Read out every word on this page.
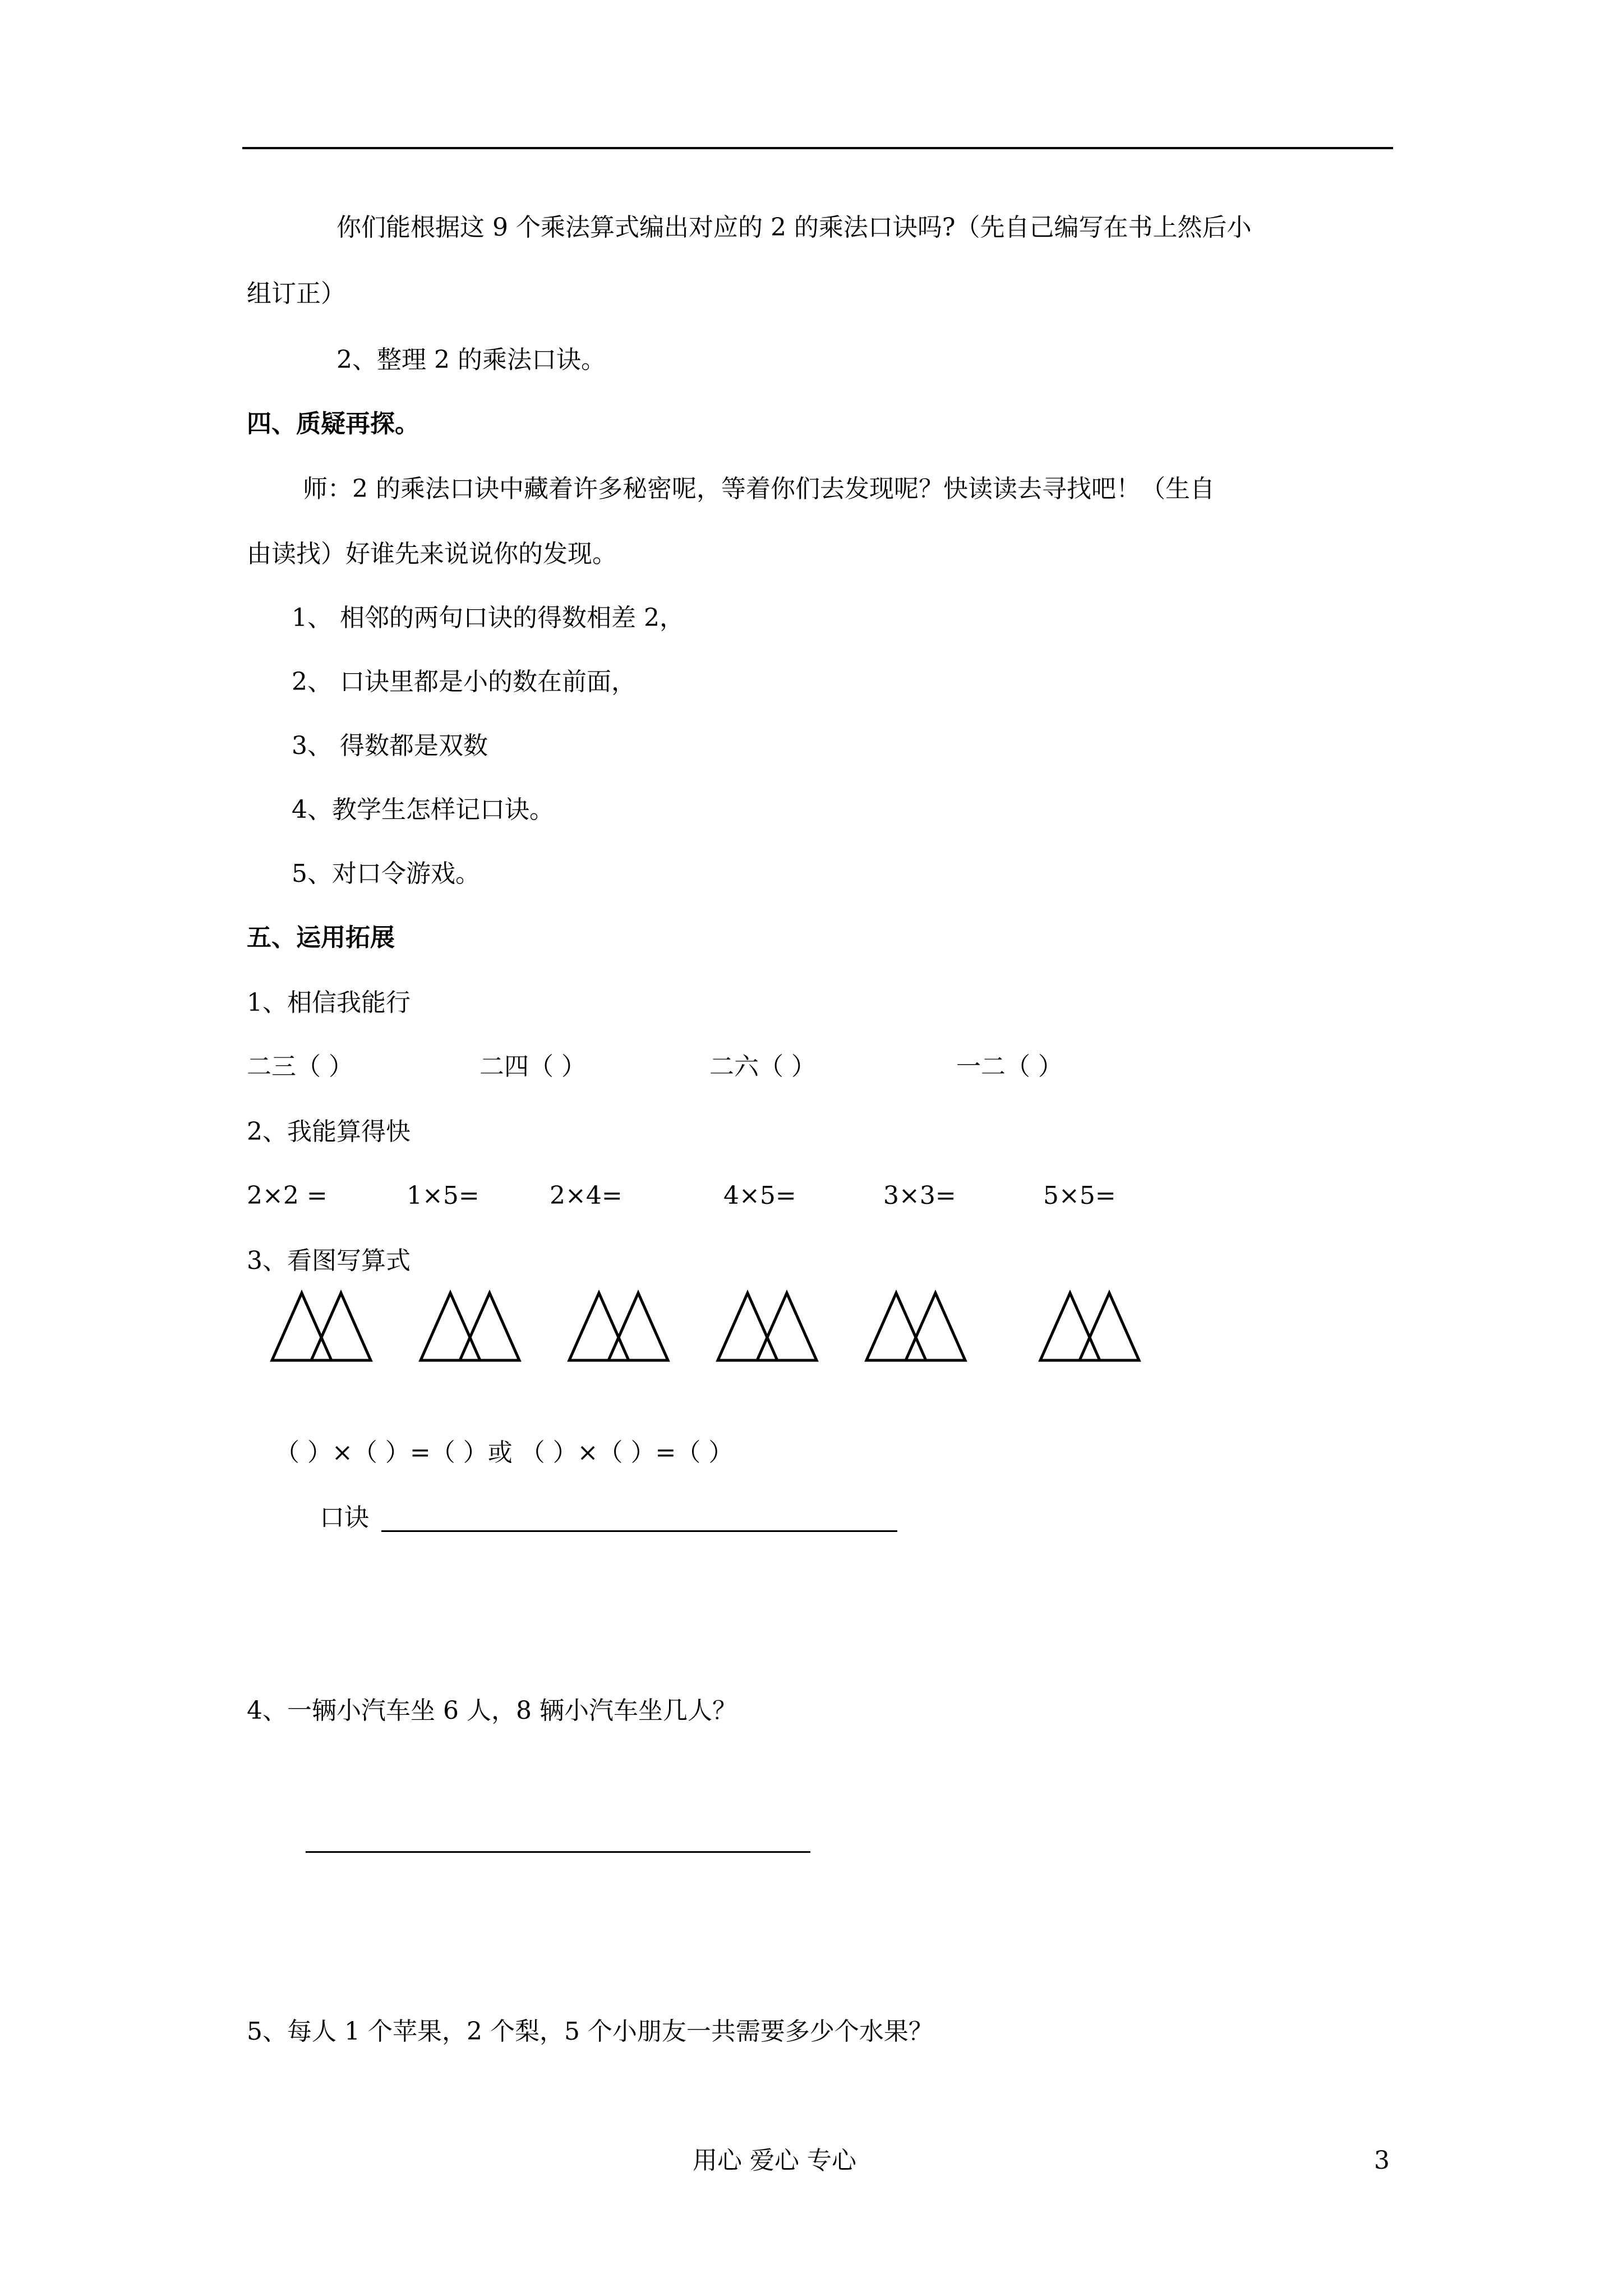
你们能根据这 9 个乘法算式编出对应的 2 的乘法口诀吗?（先自己编写在书上然后小
组订正）
2、整理 2 的乘法口诀。
四、质疑再探。
师：2 的乘法口诀中藏着许多秘密呢，等着你们去发现呢？快读读去寻找吧！（生自
由读找）好谁先来说说你的发现。
1、 相邻的两句口诀的得数相差 2，
2、 口诀里都是小的数在前面，
3、 得数都是双数
4、教学生怎样记口诀。
5、对口令游戏。
五、运用拓展
1、相信我能行
二三（ ）	二四（ ）	二六（ ）	一二（ ）
2、我能算得快
2×2 =	1×5=	2×4=	4×5=	3×3=	5×5=
3、看图写算式
（ ）×（ ）=（ ）或 （ ）×（ ）=（ ）
口诀
4、一辆小汽车坐 6 人，8 辆小汽车坐几人？
5、每人 1 个苹果，2 个梨，5 个小朋友一共需要多少个水果？
用心 爱心 专心	3
